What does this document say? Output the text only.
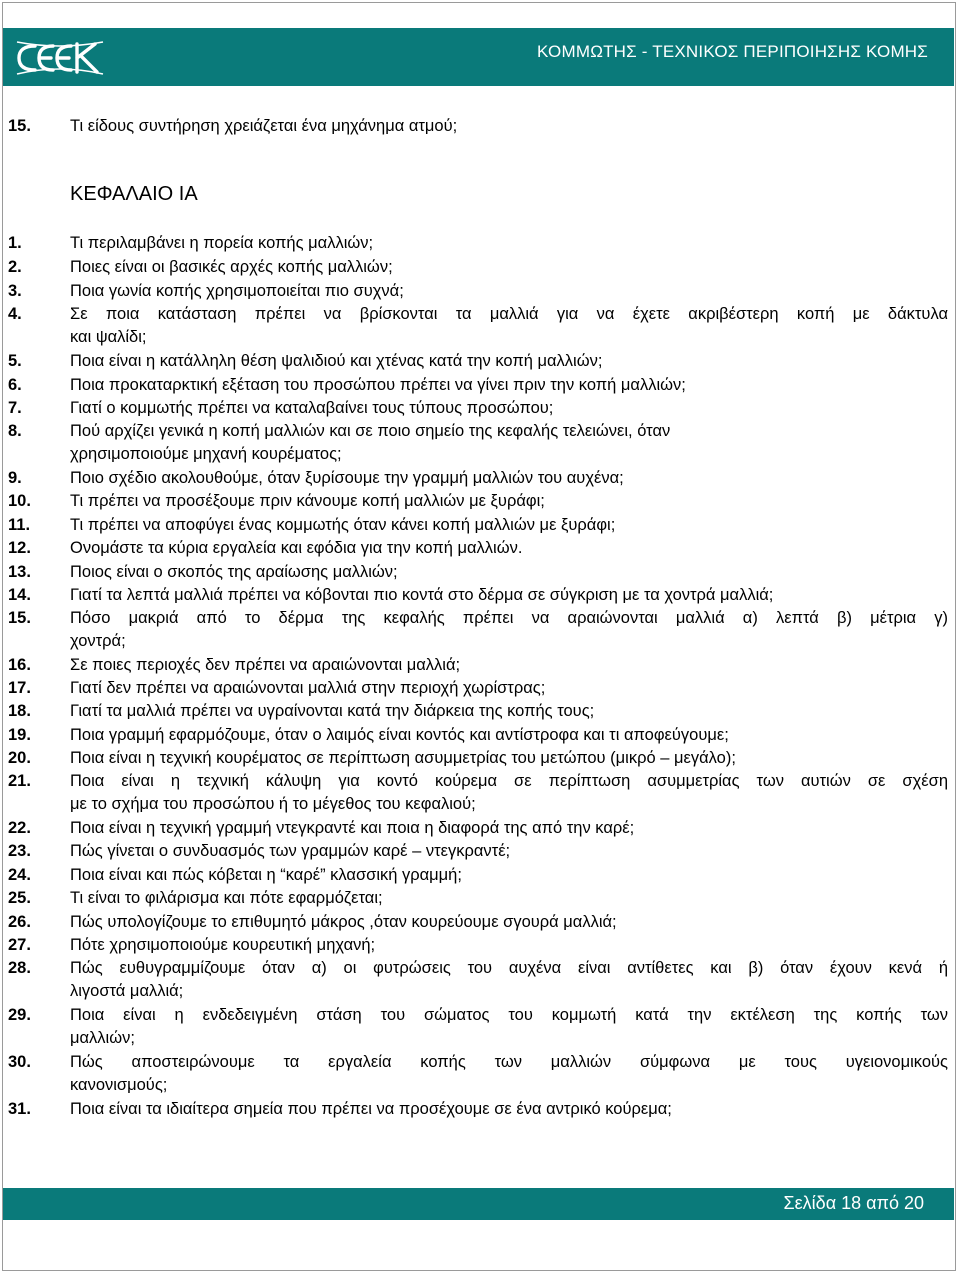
ΚΟΜΜΩΤΗΣ - ΤΕΧΝΙΚΟΣ ΠΕΡΙΠΟΙΗΣΗΣ ΚΟΜΗΣ
15. Τι είδους συντήρηση χρειάζεται ένα μηχάνημα ατμού;
ΚΕΦΑΛΑΙΟ ΙΑ
1.	Τι περιλαμβάνει η πορεία κοπής μαλλιών;
2.	Ποιες είναι οι βασικές αρχές κοπής μαλλιών;
3.	Ποια γωνία κοπής χρησιμοποιείται πιο συχνά;
4.	Σε ποια κατάσταση πρέπει να βρίσκονται τα μαλλιά για να έχετε ακριβέστερη κοπή με δάκτυλα
και ψαλίδι;
5.	Ποια είναι η κατάλληλη θέση ψαλιδιού και χτένας κατά την κοπή μαλλιών;
6.	Ποια προκαταρκτική εξέταση του προσώπου πρέπει να γίνει πριν την κοπή μαλλιών;
7.	Γιατί ο κομμωτής πρέπει να καταλαβαίνει τους τύπους προσώπου;
8.	Πού αρχίζει γενικά η κοπή μαλλιών και σε ποιο σημείο της κεφαλής τελειώνει, όταν
χρησιμοποιούμε μηχανή κουρέματος;
9.	Ποιο σχέδιο ακολουθούμε, όταν ξυρίσουμε την γραμμή μαλλιών του αυχένα;
10. Τι πρέπει να προσέξουμε πριν κάνουμε κοπή μαλλιών με ξυράφι;
11. Τι πρέπει να αποφύγει ένας κομμωτής όταν κάνει κοπή μαλλιών με ξυράφι;
12. Ονομάστε τα κύρια εργαλεία και εφόδια για την κοπή μαλλιών.
13. Ποιος είναι ο σκοπός της αραίωσης μαλλιών;
14. Γιατί τα λεπτά μαλλιά πρέπει να κόβονται πιο κοντά στο δέρμα σε σύγκριση με τα χοντρά μαλλιά;
15. Πόσο μακριά από το δέρμα της κεφαλής πρέπει να αραιώνονται μαλλιά α) λεπτά β) μέτρια γ)
χοντρά;
16. Σε ποιες περιοχές δεν πρέπει να αραιώνονται μαλλιά;
17. Γιατί δεν πρέπει να αραιώνονται μαλλιά στην περιοχή χωρίστρας;
18. Γιατί τα μαλλιά πρέπει να υγραίνονται κατά την διάρκεια της κοπής τους;
19. Ποια γραμμή εφαρμόζουμε, όταν ο λαιμός είναι κοντός και αντίστροφα και τι αποφεύγουμε;
20. Ποια είναι η τεχνική κουρέματος σε περίπτωση ασυμμετρίας του μετώπου (μικρό – μεγάλο);
21. Ποια είναι η τεχνική κάλυψη για κοντό κούρεμα σε περίπτωση ασυμμετρίας των αυτιών σε σχέση
με το σχήμα του προσώπου ή το μέγεθος του κεφαλιού;
22. Ποια είναι η τεχνική γραμμή ντεγκραντέ και ποια η διαφορά της από την καρέ;
23. Πώς γίνεται ο συνδυασμός των γραμμών καρέ – ντεγκραντέ;
24. Ποια είναι και πώς κόβεται η “καρέ” κλασσική γραμμή;
25. Τι είναι το φιλάρισμα και πότε εφαρμόζεται;
26. Πώς υπολογίζουμε το επιθυμητό μάκρος ,όταν κουρεύουμε σγουρά μαλλιά;
27. Πότε χρησιμοποιούμε κουρευτική μηχανή;
28. Πώς ευθυγραμμίζουμε όταν α) οι φυτρώσεις του αυχένα είναι αντίθετες και β) όταν έχουν κενά ή
λιγοστά μαλλιά;
29. Ποια είναι η ενδεδειγμένη στάση του σώματος του κομμωτή κατά την εκτέλεση της κοπής των
μαλλιών;
30. Πώς αποστειρώνουμε τα εργαλεία κοπής των μαλλιών σύμφωνα με τους υγειονομικούς
κανονισμούς;
31. Ποια είναι τα ιδιαίτερα σημεία που πρέπει να προσέχουμε σε ένα αντρικό κούρεμα;
Σελίδα 18 από 20
